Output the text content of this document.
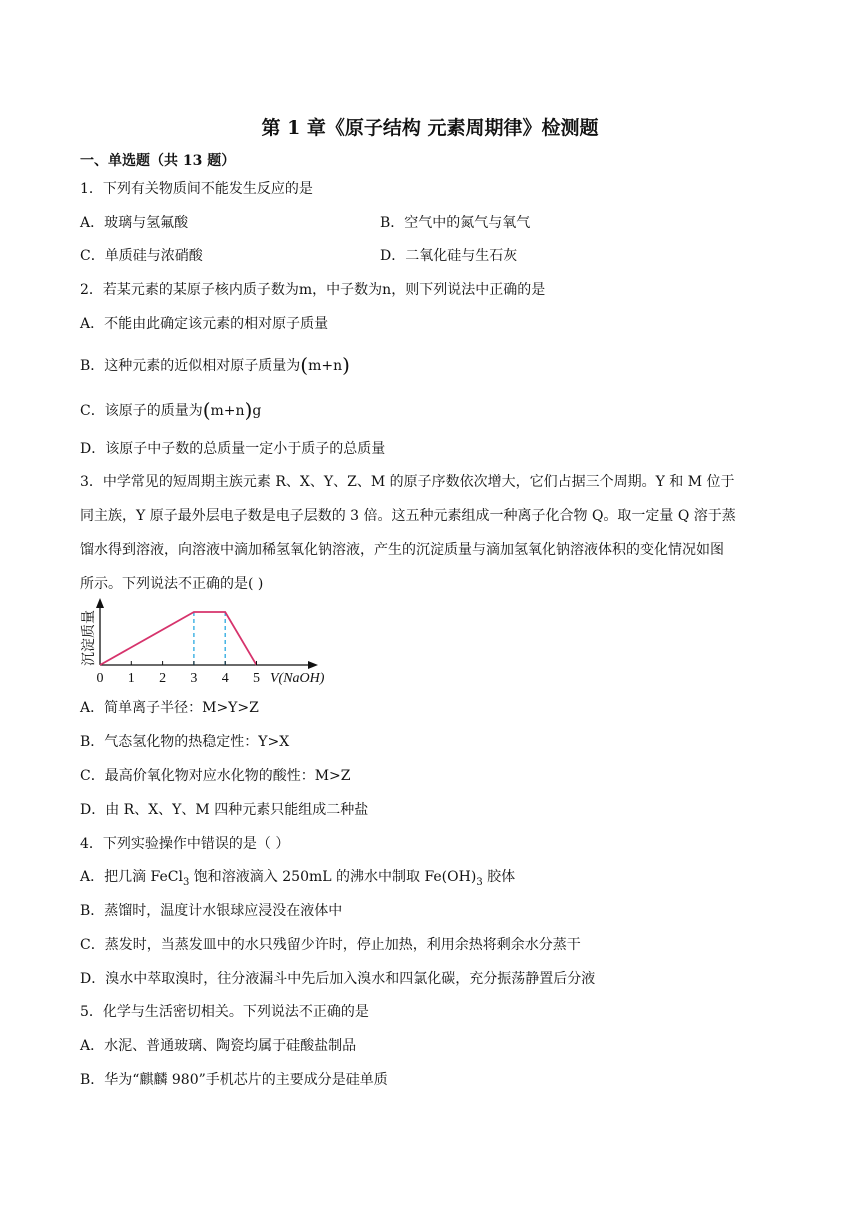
第 1 章《原子结构 元素周期律》检测题
一、单选题（共 13 题）
1．下列有关物质间不能发生反应的是
A．玻璃与氢氟酸	B．空气中的氮气与氧气
C．单质硅与浓硝酸	D．二氧化硅与生石灰
2．若某元素的某原子核内质子数为m，中子数为n，则下列说法中正确的是
A．不能由此确定该元素的相对原子质量
B．这种元素的近似相对原子质量为(m+n)
C．该原子的质量为(m+n)g
D．该原子中子数的总质量一定小于质子的总质量
3．中学常见的短周期主族元素 R、X、Y、Z、M 的原子序数依次增大，它们占据三个周期。Y 和 M 位于
同主族，Y 原子最外层电子数是电子层数的 3 倍。这五种元素组成一种离子化合物 Q。取一定量 Q 溶于蒸
馏水得到溶液，向溶液中滴加稀氢氧化钠溶液，产生的沉淀质量与滴加氢氧化钠溶液体积的变化情况如图
所示。下列说法不正确的是( )
0 1 2 3 4 5 V(NaOH)
沉淀质量
A．简单离子半径：M>Y>Z
B．气态氢化物的热稳定性：Y>X
C．最高价氧化物对应水化物的酸性：M>Z
D．由 R、X、Y、M 四种元素只能组成二种盐
4．下列实验操作中错误的是（ ）
A．把几滴 FeCl$_3$ 饱和溶液滴入 250mL 的沸水中制取 $Fe(OH)_3$ 胶体
B．蒸馏时，温度计水银球应浸没在液体中
C．蒸发时，当蒸发皿中的水只残留少许时，停止加热，利用余热将剩余水分蒸干
D．溴水中萃取溴时，往分液漏斗中先后加入溴水和四氯化碳，充分振荡静置后分液
5．化学与生活密切相关。下列说法不正确的是
A．水泥、普通玻璃、陶瓷均属于硅酸盐制品
B．华为“麒麟 980”手机芯片的主要成分是硅单质
